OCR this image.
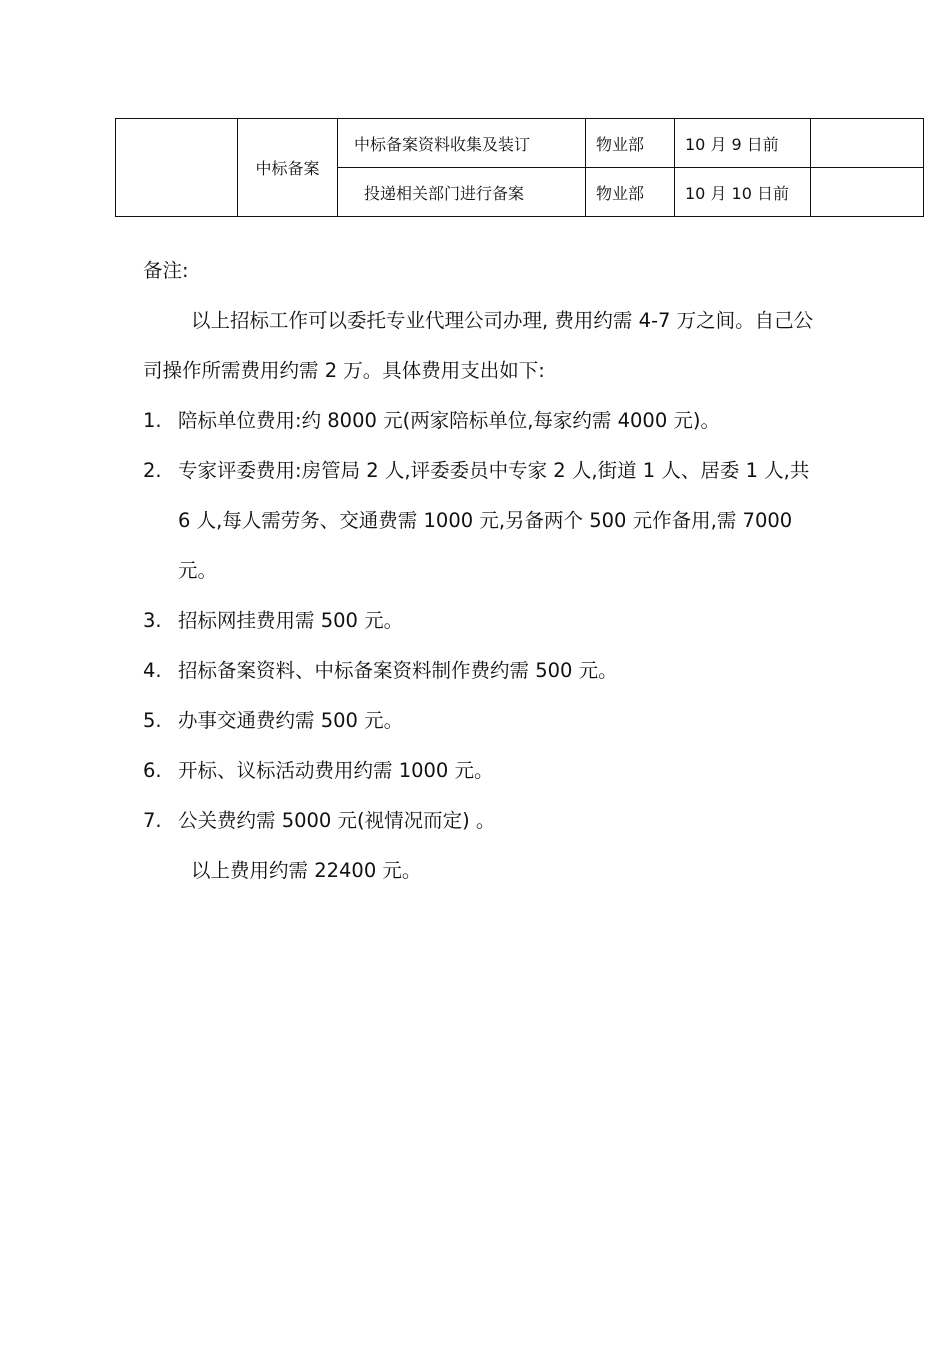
	中标备案	中标备案资料收集及装订	物业部	10 月 9 日前	
		投递相关部门进行备案	物业部	10 月 10 日前	

备注:

以上招标工作可以委托专业代理公司办理, 费用约需 4-7 万之间。自己公司操作所需费用约需 2 万。具体费用支出如下:

1. 陪标单位费用:约 8000 元(两家陪标单位,每家约需 4000 元)。

2. 专家评委费用:房管局 2 人,评委委员中专家 2 人,街道 1 人、居委 1 人,共 6 人,每人需劳务、交通费需 1000 元,另备两个 500 元作备用,需 7000 元。

3. 招标网挂费用需 500 元。

4. 招标备案资料、中标备案资料制作费约需 500 元。

5. 办事交通费约需 500 元。

6. 开标、议标活动费用约需 1000 元。

7. 公关费约需 5000 元(视情况而定) 。

以上费用约需 22400 元。
